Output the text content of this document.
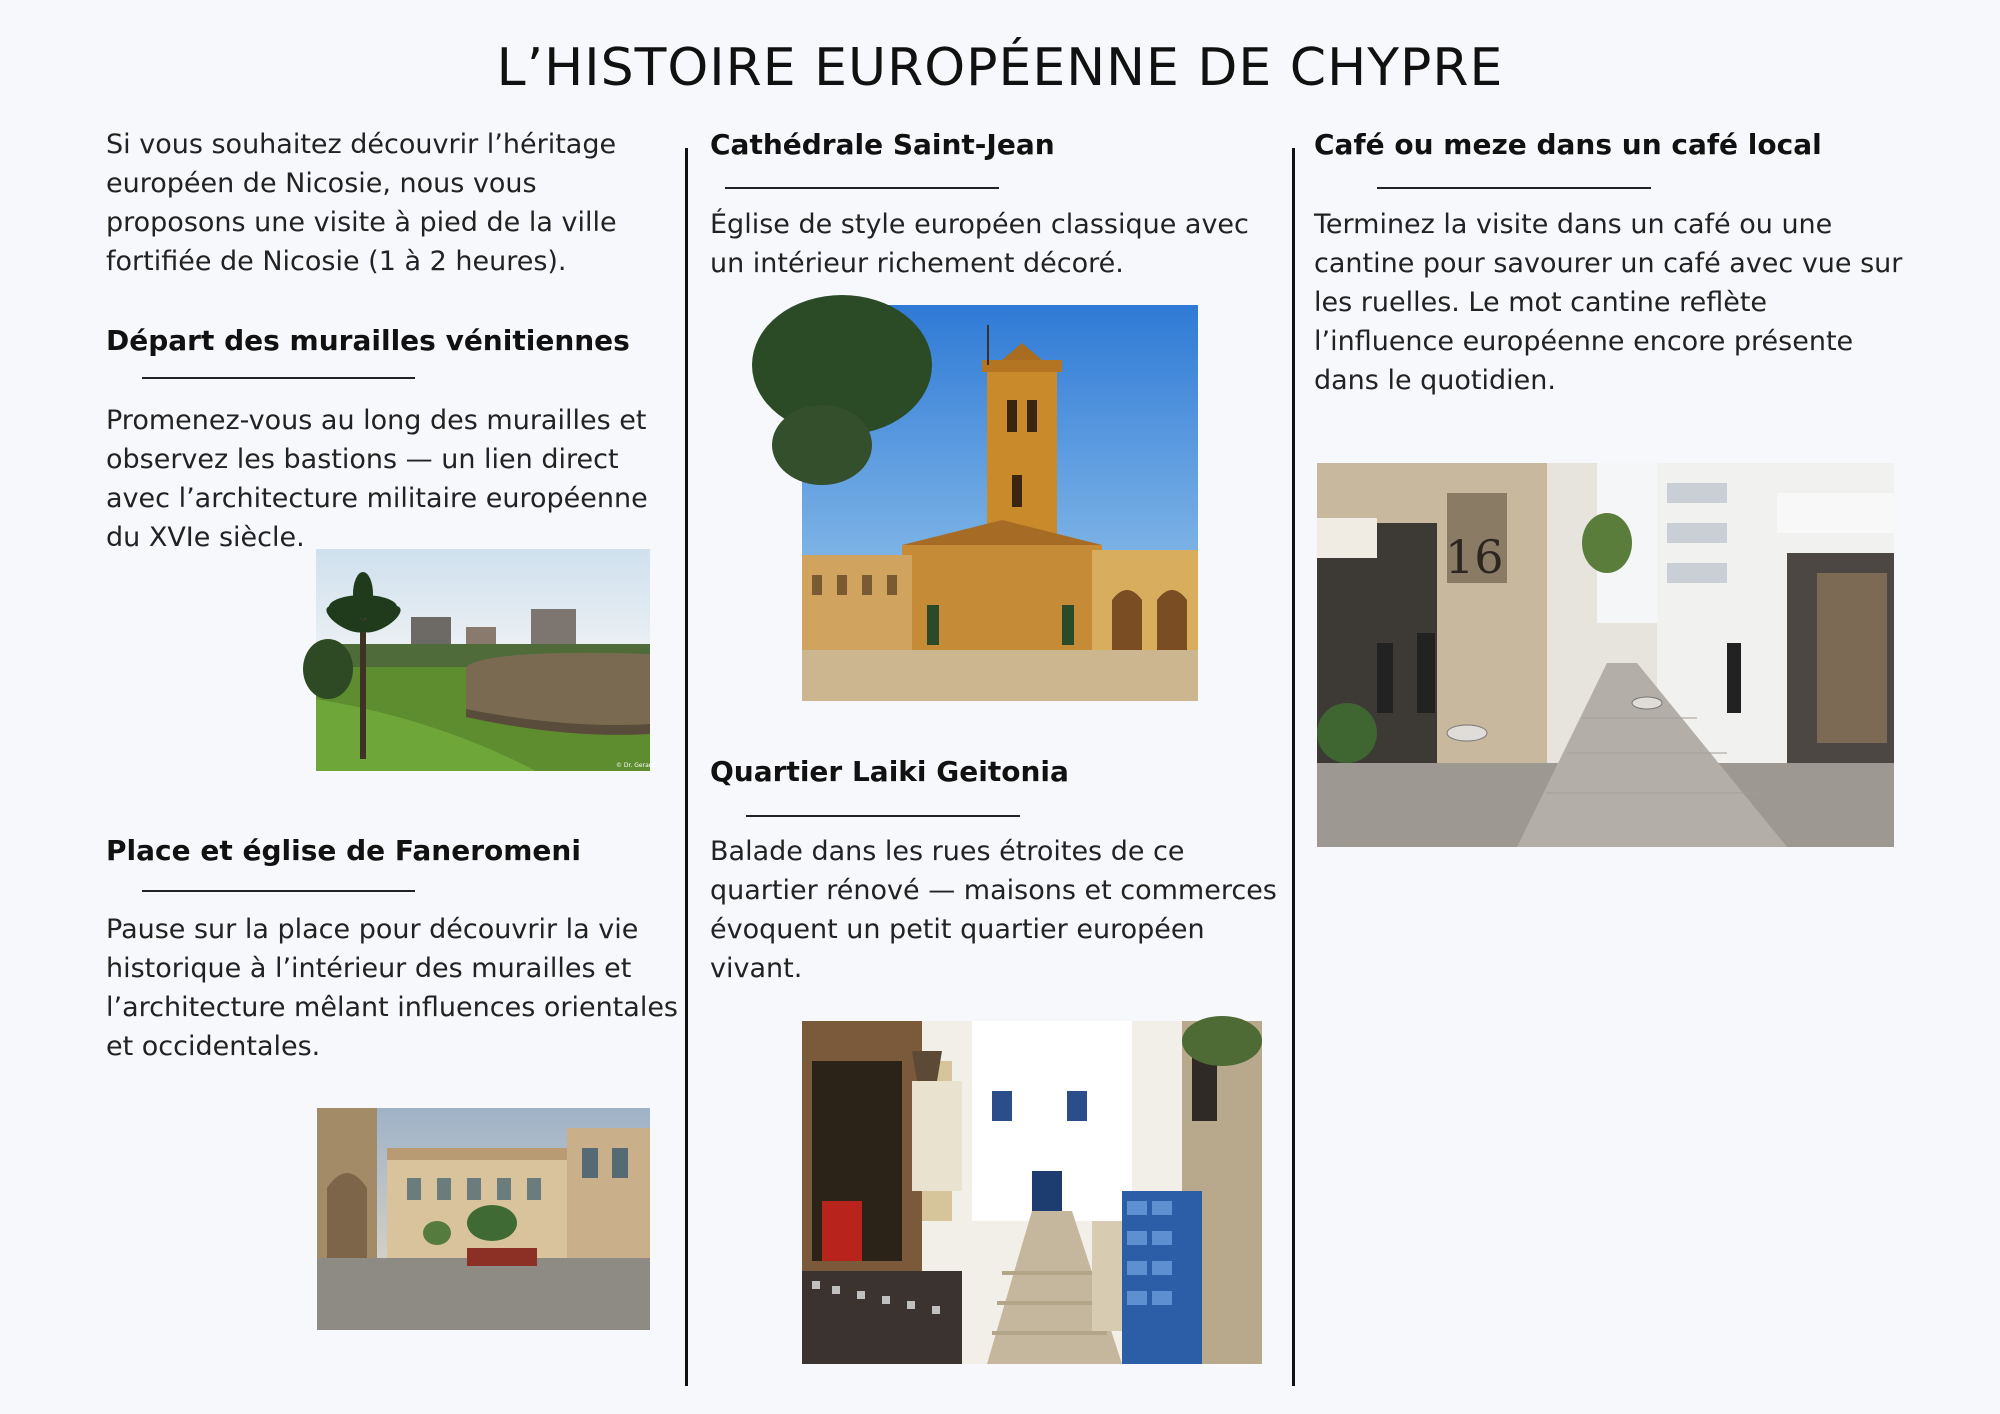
L’HISTOIRE EUROPÉENNE DE CHYPRE

Si vous souhaitez découvrir l’héritage européen de Nicosie, nous vous proposons une visite à pied de la ville fortifiée de Nicosie (1 à 2 heures).

Départ des murailles vénitiennes

Promenez-vous au long des murailles et observez les bastions — un lien direct avec l’architecture militaire européenne du XVIe siècle.

© Dr. Gerard

Place et église de Faneromeni

Pause sur la place pour découvrir la vie historique à l’intérieur des murailles et l’architecture mêlant influences orientales et occidentales.

Cathédrale Saint-Jean

Église de style européen classique avec un intérieur richement décoré.

Quartier Laiki Geitonia

Balade dans les rues étroites de ce quartier rénové — maisons et commerces évoquent un petit quartier européen vivant.

Café ou meze dans un café local

Terminez la visite dans un café ou une cantine pour savourer un café avec vue sur les ruelles. Le mot cantine reflète l’influence européenne encore présente dans le quotidien.

16
